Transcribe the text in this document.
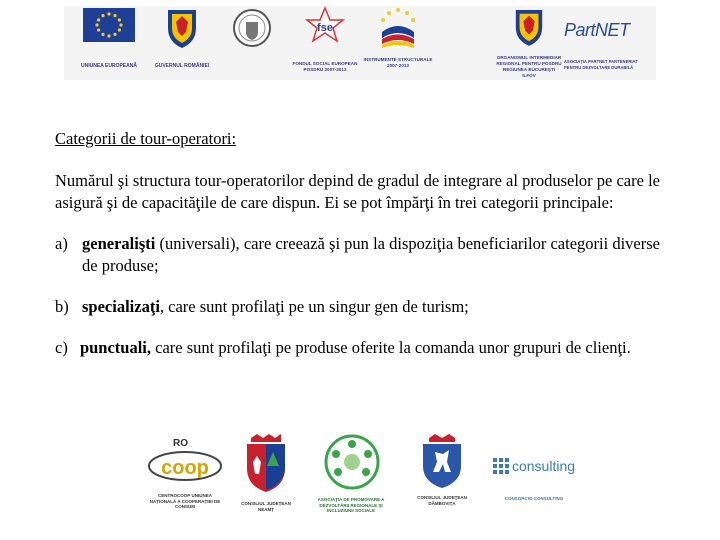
UNIUNEA EUROPEANĂ	GUVERNUL ROMÂNIEI
fse
FONDUL SOCIAL EUROPEAN POSDRU 2007-2013
INSTRUMENTE STRUCTURALE 2007-2013
ORGANISMUL INTERMEDIAR REGIONAL PENTRU POSDRU REGIUNEA BUCUREŞTI ILFOV
PartNET
ASOCIAŢIA PARTNET PARTENERIAT PENTRU DEZVOLTARE DURABILĂ
Categorii de tour-operatori:
Numărul şi structura tour-operatorilor depind de gradul de integrare al produselor pe care le asigură şi de capacităţile de care dispun. Ei se pot împărţi în trei categorii principale:
a) generalişti (universali), care creează şi pun la dispoziţia beneficiarilor categorii diverse de produse;
b) specializaţi, care sunt profilaţi pe un singur gen de turism;
c) punctuali, care sunt profilaţi pe produse oferite la comanda unor grupuri de clienţi.
RO
coop
CENTROCOOP UNIUNEA NAŢIONALĂ A COOPERAŢIEI DE CONSUM
CONSILIUL JUDEŢEAN NEAMŢ
ASOCIAŢIA DE PROMOVARE A DEZVOLTĂRII REGIONALE ŞI INCLUZIUNII SOCIALE
CONSILIUL JUDEŢEAN DÂMBOVIŢA
consulting
CONSORCIO CONSULTING
